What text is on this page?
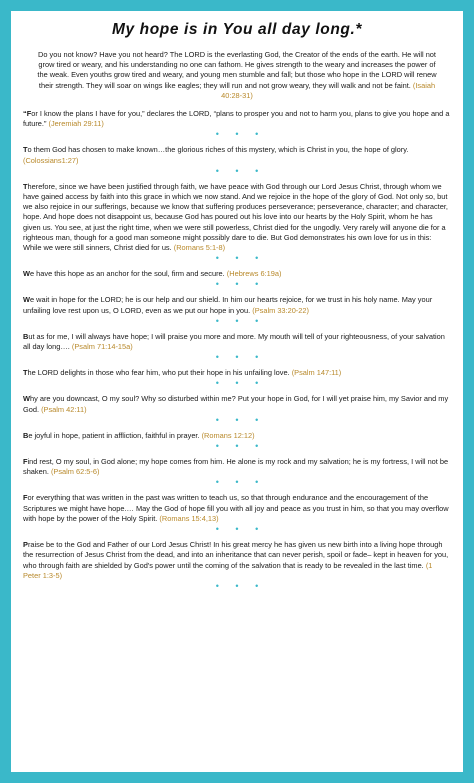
My hope is in You all day long.*
Do you not know? Have you not heard? The LORD is the everlasting God, the Creator of the ends of the earth. He will not grow tired or weary, and his understanding no one can fathom. He gives strength to the weary and increases the power of the weak. Even youths grow tired and weary, and young men stumble and fall; but those who hope in the LORD will renew their strength. They will soar on wings like eagles; they will run and not grow weary, they will walk and not be faint. (Isaiah 40:28-31)

“For I know the plans I have for you,” declares the LORD, “plans to prosper you and not to harm you, plans to give you hope and a future.” (Jeremiah 29:11)

• • •

To them God has chosen to make known…the glorious riches of this mystery, which is Christ in you, the hope of glory. (Colossians1:27)

• • •

Therefore, since we have been justified through faith, we have peace with God through our Lord Jesus Christ, through whom we have gained access by faith into this grace in which we now stand. And we rejoice in the hope of the glory of God. Not only so, but we also rejoice in our sufferings, because we know that suffering produces perseverance; perseverance, character; and character, hope. And hope does not disappoint us, because God has poured out his love into our hearts by the Holy Spirit, whom he has given us. You see, at just the right time, when we were still powerless, Christ died for the ungodly. Very rarely will anyone die for a righteous man, though for a good man someone might possibly dare to die. But God demonstrates his own love for us in this: While we were still sinners, Christ died for us. (Romans 5:1-8)

• • •

We have this hope as an anchor for the soul, firm and secure. (Hebrews 6:19a)

• • •

We wait in hope for the LORD; he is our help and our shield. In him our hearts rejoice, for we trust in his holy name. May your unfailing love rest upon us, O LORD, even as we put our hope in you. (Psalm 33:20-22)

• • •

But as for me, I will always have hope; I will praise you more and more. My mouth will tell of your righteousness, of your salvation all day long…. (Psalm 71:14-15a)

• • •

The LORD delights in those who fear him, who put their hope in his unfailing love. (Psalm 147:11)

• • •

Why are you downcast, O my soul? Why so disturbed within me? Put your hope in God, for I will yet praise him, my Savior and my God. (Psalm 42:11)

• • •

Be joyful in hope, patient in affliction, faithful in prayer. (Romans 12:12)

• • •

Find rest, O my soul, in God alone; my hope comes from him. He alone is my rock and my salvation; he is my fortress, I will not be shaken. (Psalm 62:5-6)

• • •

For everything that was written in the past was written to teach us, so that through endurance and the encouragement of the Scriptures we might have hope.… May the God of hope fill you with all joy and peace as you trust in him, so that you may overflow with hope by the power of the Holy Spirit. (Romans 15:4,13)

• • •

Praise be to the God and Father of our Lord Jesus Christ! In his great mercy he has given us new birth into a living hope through the resurrection of Jesus Christ from the dead, and into an inheritance that can never perish, spoil or fade– kept in heaven for you, who through faith are shielded by God's power until the coming of the salvation that is ready to be revealed in the last time. (1 Peter 1:3-5)

• • •
